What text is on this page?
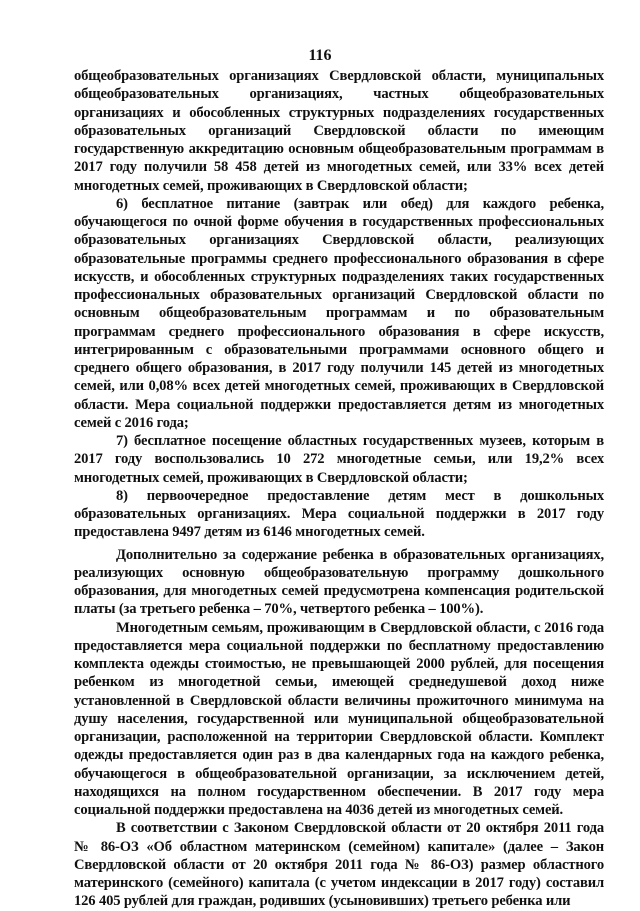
116

общеобразовательных организациях Свердловской области, муниципальных общеобразовательных организациях, частных общеобразовательных организациях и обособленных структурных подразделениях государственных образовательных организаций Свердловской области по имеющим государственную аккредитацию основным общеобразовательным программам в 2017 году получили 58 458 детей из многодетных семей, или 33% всех детей многодетных семей, проживающих в Свердловской области;

6) бесплатное питание (завтрак или обед) для каждого ребенка, обучающегося по очной форме обучения в государственных профессиональных образовательных организациях Свердловской области, реализующих образовательные программы среднего профессионального образования в сфере искусств, и обособленных структурных подразделениях таких государственных профессиональных образовательных организаций Свердловской области по основным общеобразовательным программам и по образовательным программам среднего профессионального образования в сфере искусств, интегрированным с образовательными программами основного общего и среднего общего образования, в 2017 году получили 145 детей из многодетных семей, или 0,08% всех детей многодетных семей, проживающих в Свердловской области. Мера социальной поддержки предоставляется детям из многодетных семей с 2016 года;

7) бесплатное посещение областных государственных музеев, которым в 2017 году воспользовались 10 272 многодетные семьи, или 19,2% всех многодетных семей, проживающих в Свердловской области;

8) первоочередное предоставление детям мест в дошкольных образовательных организациях. Мера социальной поддержки в 2017 году предоставлена 9497 детям из 6146 многодетных семей.

Дополнительно за содержание ребенка в образовательных организациях, реализующих основную общеобразовательную программу дошкольного образования, для многодетных семей предусмотрена компенсация родительской платы (за третьего ребенка – 70%, четвертого ребенка – 100%).

Многодетным семьям, проживающим в Свердловской области, с 2016 года предоставляется мера социальной поддержки по бесплатному предоставлению комплекта одежды стоимостью, не превышающей 2000 рублей, для посещения ребенком из многодетной семьи, имеющей среднедушевой доход ниже установленной в Свердловской области величины прожиточного минимума на душу населения, государственной или муниципальной общеобразовательной организации, расположенной на территории Свердловской области. Комплект одежды предоставляется один раз в два календарных года на каждого ребенка, обучающегося в общеобразовательной организации, за исключением детей, находящихся на полном государственном обеспечении. В 2017 году мера социальной поддержки предоставлена на 4036 детей из многодетных семей.

В соответствии с Законом Свердловской области от 20 октября 2011 года № 86-ОЗ «Об областном материнском (семейном) капитале» (далее – Закон Свердловской области от 20 октября 2011 года № 86-ОЗ) размер областного материнского (семейного) капитала (с учетом индексации в 2017 году) составил 126 405 рублей для граждан, родивших (усыновивших) третьего ребенка или
